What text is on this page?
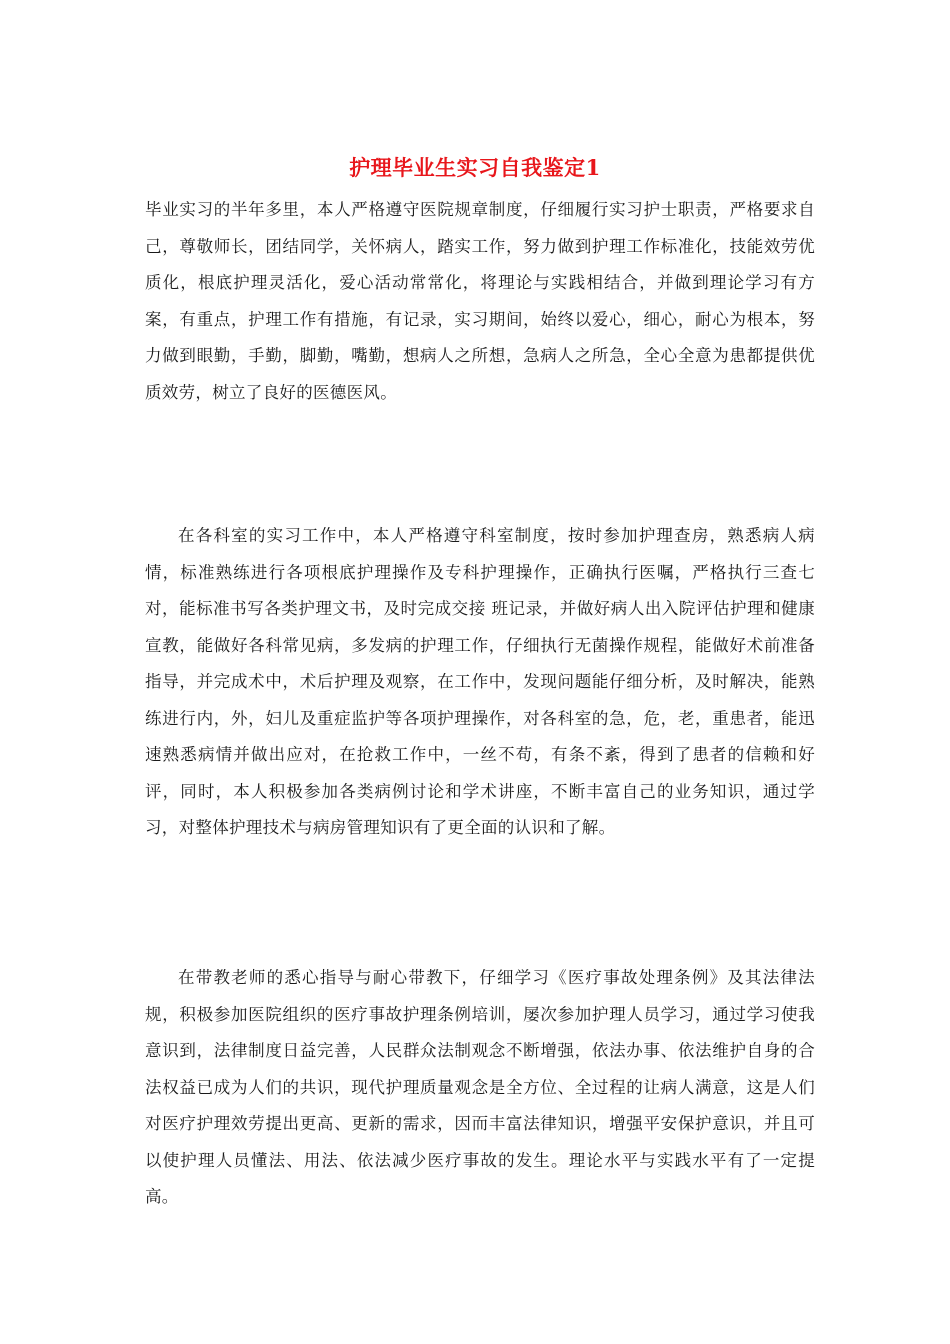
护理毕业生实习自我鉴定1

毕业实习的半年多里，本人严格遵守医院规章制度，仔细履行实习护士职责，严格要求自己，尊敬师长，团结同学，关怀病人，踏实工作，努力做到护理工作标准化，技能效劳优质化，根底护理灵活化，爱心活动常常化，将理论与实践相结合，并做到理论学习有方案，有重点，护理工作有措施，有记录，实习期间，始终以爱心，细心，耐心为根本，努力做到眼勤，手勤，脚勤，嘴勤，想病人之所想，急病人之所急，全心全意为患都提供优质效劳，树立了良好的医德医风。

在各科室的实习工作中，本人严格遵守科室制度，按时参加护理查房，熟悉病人病情，标准熟练进行各项根底护理操作及专科护理操作，正确执行医嘱，严格执行三查七对，能标准书写各类护理文书，及时完成交接 班记录，并做好病人出入院评估护理和健康宣教，能做好各科常见病，多发病的护理工作，仔细执行无菌操作规程，能做好术前准备指导，并完成术中，术后护理及观察，在工作中，发现问题能仔细分析，及时解决，能熟练进行内，外，妇儿及重症监护等各项护理操作，对各科室的急，危，老，重患者，能迅速熟悉病情并做出应对，在抢救工作中，一丝不苟，有条不紊，得到了患者的信赖和好评，同时，本人积极参加各类病例讨论和学术讲座，不断丰富自己的业务知识，通过学习，对整体护理技术与病房管理知识有了更全面的认识和了解。

在带教老师的悉心指导与耐心带教下，仔细学习《医疗事故处理条例》及其法律法规，积极参加医院组织的医疗事故护理条例培训，屡次参加护理人员学习，通过学习使我意识到，法律制度日益完善，人民群众法制观念不断增强，依法办事、依法维护自身的合法权益已成为人们的共识，现代护理质量观念是全方位、全过程的让病人满意，这是人们对医疗护理效劳提出更高、更新的需求，因而丰富法律知识，增强平安保护意识，并且可以使护理人员懂法、用法、依法减少医疗事故的发生。理论水平与实践水平有了一定提高。
